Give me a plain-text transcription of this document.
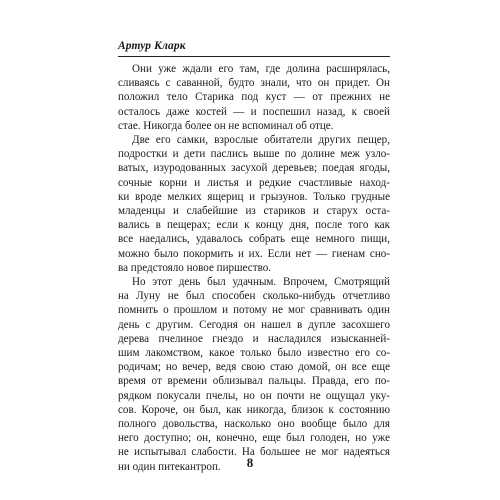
Артур Кларк
Они уже ждали его там, где долина расширялась,
сливаясь с саванной, будто знали, что он придет. Он
положил тело Старика под куст — от прежних не
осталось даже костей — и поспешил назад, к своей
стае. Никогда более он не вспоминал об отце.
Две его самки, взрослые обитатели других пещер,
подростки и дети паслись выше по долине меж узло-
ватых, изуродованных засухой деревьев; поедая ягоды,
сочные корни и листья и редкие счастливые наход-
ки вроде мелких ящериц и грызунов. Только грудные
младенцы и слабейшие из стариков и старух оста-
вались в пещерах; если к концу дня, после того как
все наедались, удавалось собрать еще немного пищи,
можно было покормить и их. Если нет — гиенам сно-
ва предстояло новое пиршество.
Но этот день был удачным. Впрочем, Смотрящий
на Луну не был способен сколько-нибудь отчетливо
помнить о прошлом и потому не мог сравнивать один
день с другим. Сегодня он нашел в дупле засохшего
дерева пчелиное гнездо и насладился изысканней-
шим лакомством, какое только было известно его со-
родичам; но вечер, ведя свою стаю домой, он все еще
время от времени облизывал пальцы. Правда, его по-
рядком покусали пчелы, но он почти не ощущал уку-
сов. Короче, он был, как никогда, близок к состоянию
полного довольства, насколько оно вообще было для
него доступно; он, конечно, еще был голоден, но уже
не испытывал слабости. На большее не мог надеяться
ни один питекантроп.	8
